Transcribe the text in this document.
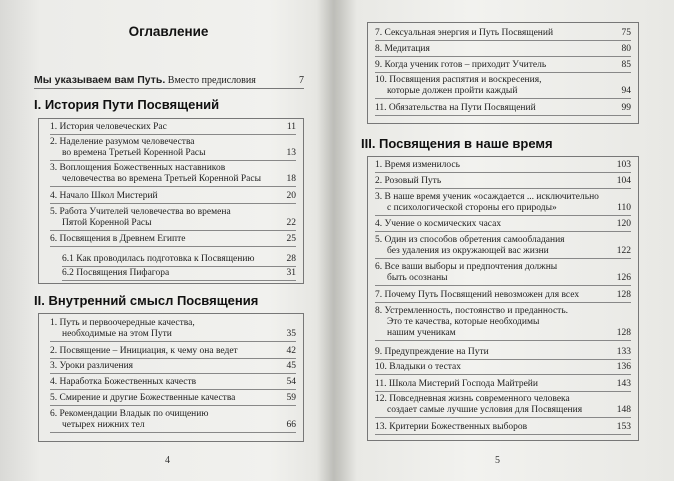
Оглавление
Мы указываем вам Путь. Вместо предисловия	7
I. История Пути Посвящений
1. История человеческих Рас	11
2. Наделение разумом человечества
во времена Третьей Коренной Расы	13
3. Воплощения Божественных наставников
человечества во времена Третьей Коренной Расы	18
4. Начало Школ Мистерий	20
5. Работа Учителей человечества во времена
Пятой Коренной Расы	22
6. Посвящения в Древнем Египте	25
6.1 Как проводилась подготовка к Посвящению	28
6.2 Посвящения Пифагора	31
II. Внутренний смысл Посвящения
1. Путь и первоочередные качества,
необходимые на этом Пути	35
2. Посвящение – Инициация, к чему она ведет	42
3. Уроки различения	45
4. Наработка Божественных качеств	54
5. Смирение и другие Божественные качества	59
6. Рекомендации Владык по очищению
четырех нижних тел	66
4
7. Сексуальная энергия и Путь Посвящений	75
8. Медитация	80
9. Когда ученик готов – приходит Учитель	85
10. Посвящения распятия и воскресения,
которые должен пройти каждый	94
11. Обязательства на Пути Посвящений	99
III. Посвящения в наше время
1. Время изменилось	103
2. Розовый Путь	104
3. В наше время ученик «осаждается ... исключительно
с психологической стороны его природы»	110
4. Учение о космических часах	120
5. Один из способов обретения самообладания
без удаления из окружающей вас жизни	122
6. Все ваши выборы и предпочтения должны
быть осознаны	126
7. Почему Путь Посвящений невозможен для всех	128
8. Устремленность, постоянство и преданность.
Это те качества, которые необходимы
нашим ученикам	128
9. Предупреждение на Пути	133
10. Владыки о тестах	136
11. Школа Мистерий Господа Майтрейи	143
12. Повседневная жизнь современного человека
создает самые лучшие условия для Посвящения	148
13. Критерии Божественных выборов	153
5
